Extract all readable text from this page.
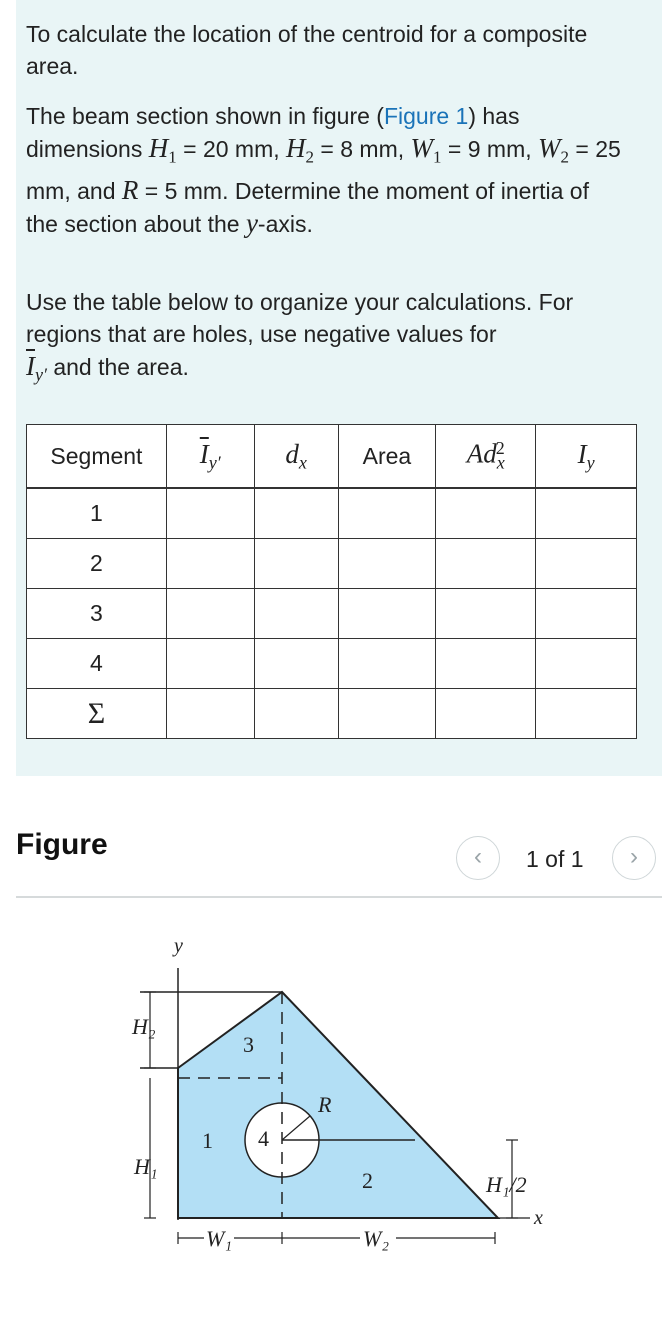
To calculate the location of the centroid for a composite area.
The beam section shown in figure (Figure 1) has dimensions $H_1 = 20$ mm, $H_2 = 8$ mm, $W_1 = 9$ mm, $W_2 = 25$ mm, and R = 5 mm. Determine the moment of inertia of the section about the y-axis.
Use the table below to organize your calculations. For regions that are holes, use negative values for
$\overline{I}_{y'}$ and the area.
Segment	$\overline{I}_{y'}$	$d_x$	Area	$Ad_x^2$	$I_y$
1					
2					
3					
4					
Σ					
Figure	‹	1 of 1	›
y
H₂
H₁
1
2
3
4
R
H₁/2
x
W₁	W₂
